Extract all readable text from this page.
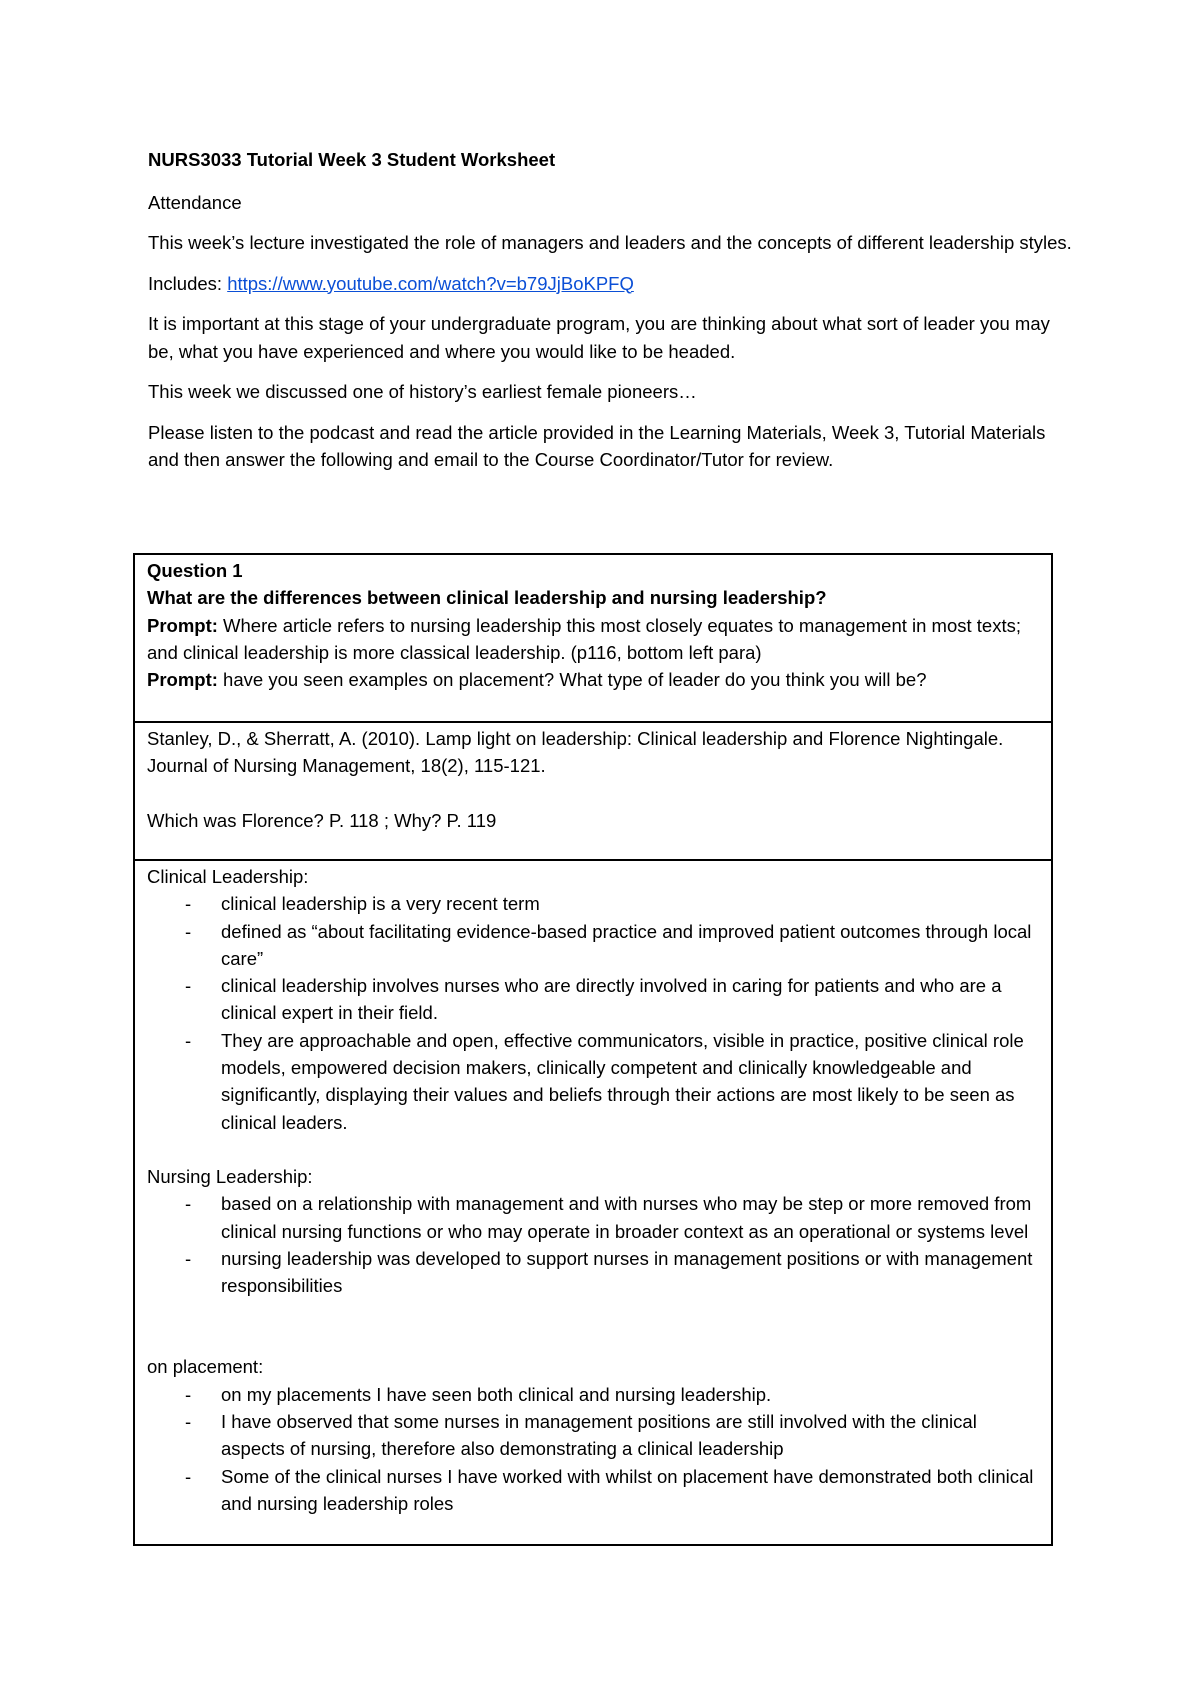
NURS3033 Tutorial Week 3 Student Worksheet

Attendance

This week’s lecture investigated the role of managers and leaders and the concepts of different leadership styles.

Includes: https://www.youtube.com/watch?v=b79JjBoKPFQ

It is important at this stage of your undergraduate program, you are thinking about what sort of leader you may be, what you have experienced and where you would like to be headed.

This week we discussed one of history’s earliest female pioneers…

Please listen to the podcast and read the article provided in the Learning Materials, Week 3, Tutorial Materials and then answer the following and email to the Course Coordinator/Tutor for review.

Question 1
What are the differences between clinical leadership and nursing leadership?
Prompt: Where article refers to nursing leadership this most closely equates to management in most texts; and clinical leadership is more classical leadership. (p116, bottom left para)
Prompt: have you seen examples on placement? What type of leader do you think you will be?
Stanley, D., & Sherratt, A. (2010). Lamp light on leadership: Clinical leadership and Florence Nightingale. Journal of Nursing Management, 18(2), 115-121.
Which was Florence? P. 118 ; Why? P. 119
Clinical Leadership:
- clinical leadership is a very recent term
- defined as “about facilitating evidence-based practice and improved patient outcomes through local care”
- clinical leadership involves nurses who are directly involved in caring for patients and who are a clinical expert in their field.
- They are approachable and open, effective communicators, visible in practice, positive clinical role models, empowered decision makers, clinically competent and clinically knowledgeable and significantly, displaying their values and beliefs through their actions are most likely to be seen as clinical leaders.
Nursing Leadership:
- based on a relationship with management and with nurses who may be step or more removed from clinical nursing functions or who may operate in broader context as an operational or systems level
- nursing leadership was developed to support nurses in management positions or with management responsibilities
on placement:
- on my placements I have seen both clinical and nursing leadership.
- I have observed that some nurses in management positions are still involved with the clinical aspects of nursing, therefore also demonstrating a clinical leadership
- Some of the clinical nurses I have worked with whilst on placement have demonstrated both clinical and nursing leadership roles
